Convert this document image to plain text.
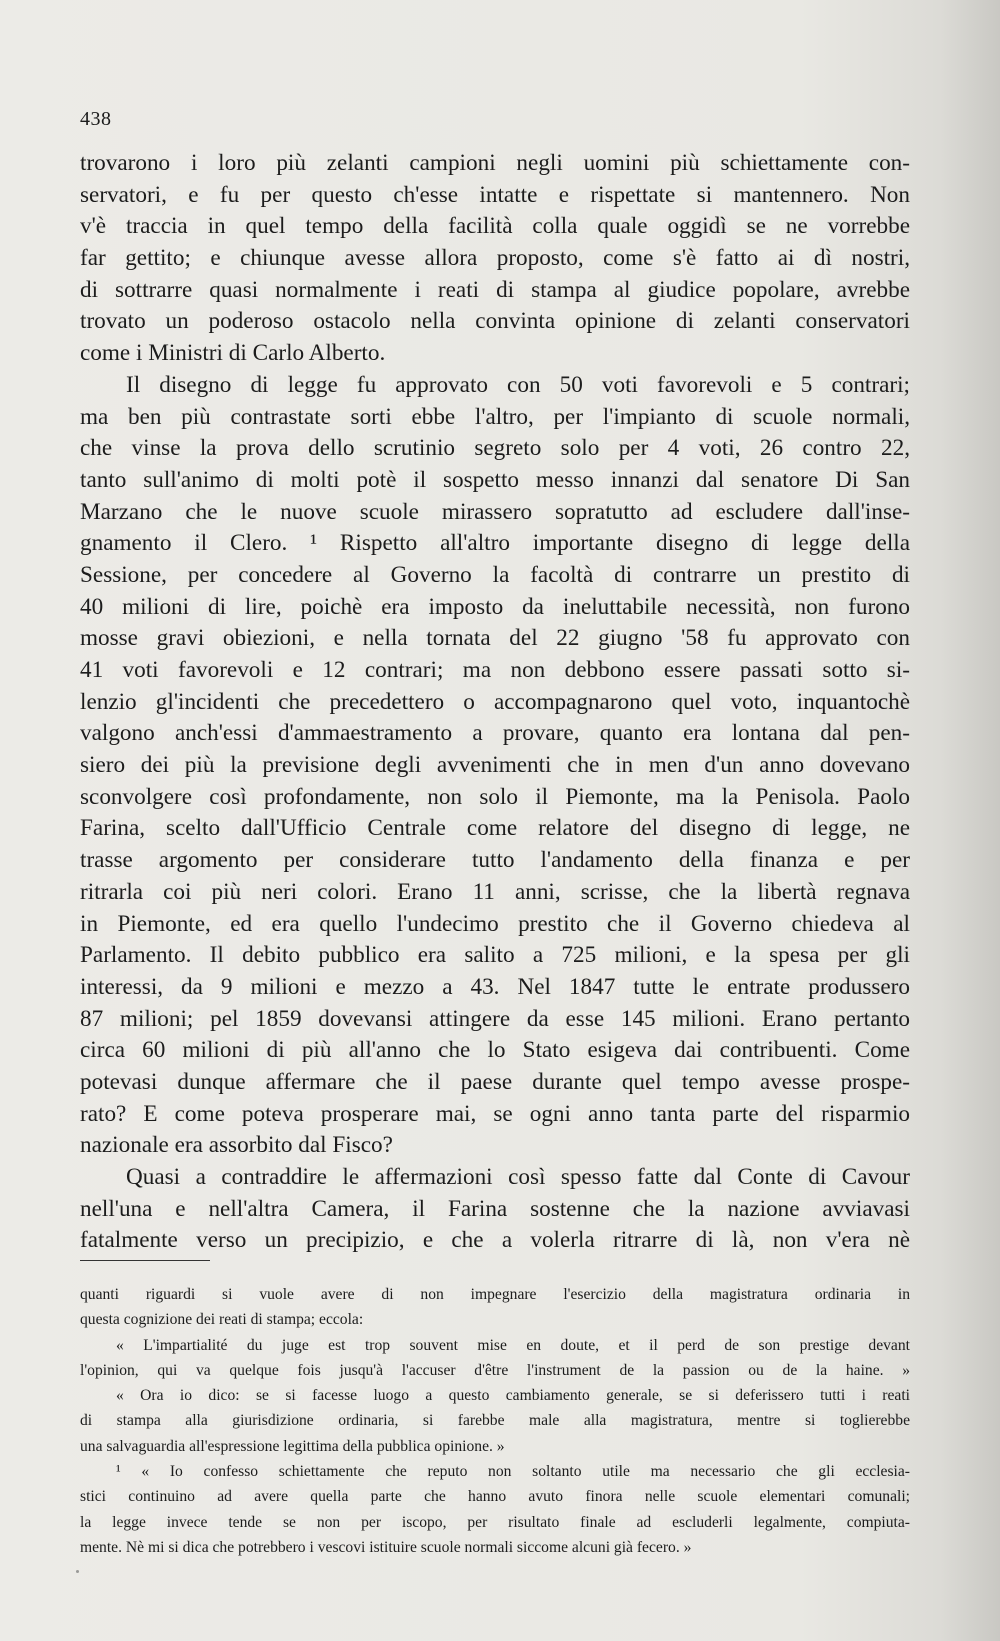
438
trovarono i loro più zelanti campioni negli uomini più schiettamente con-
servatori, e fu per questo ch'esse intatte e rispettate si mantennero. Non
v'è traccia in quel tempo della facilità colla quale oggidì se ne vorrebbe
far gettito; e chiunque avesse allora proposto, come s'è fatto ai dì nostri,
di sottrarre quasi normalmente i reati di stampa al giudice popolare, avrebbe
trovato un poderoso ostacolo nella convinta opinione di zelanti conservatori
come i Ministri di Carlo Alberto.
Il disegno di legge fu approvato con 50 voti favorevoli e 5 contrari;
ma ben più contrastate sorti ebbe l'altro, per l'impianto di scuole normali,
che vinse la prova dello scrutinio segreto solo per 4 voti, 26 contro 22,
tanto sull'animo di molti potè il sospetto messo innanzi dal senatore Di San
Marzano che le nuove scuole mirassero sopratutto ad escludere dall'inse-
gnamento il Clero. ¹ Rispetto all'altro importante disegno di legge della
Sessione, per concedere al Governo la facoltà di contrarre un prestito di
40 milioni di lire, poichè era imposto da ineluttabile necessità, non furono
mosse gravi obiezioni, e nella tornata del 22 giugno '58 fu approvato con
41 voti favorevoli e 12 contrari; ma non debbono essere passati sotto si-
lenzio gl'incidenti che precedettero o accompagnarono quel voto, inquantochè
valgono anch'essi d'ammaestramento a provare, quanto era lontana dal pen-
siero dei più la previsione degli avvenimenti che in men d'un anno dovevano
sconvolgere così profondamente, non solo il Piemonte, ma la Penisola. Paolo
Farina, scelto dall'Ufficio Centrale come relatore del disegno di legge, ne
trasse argomento per considerare tutto l'andamento della finanza e per
ritrarla coi più neri colori. Erano 11 anni, scrisse, che la libertà regnava
in Piemonte, ed era quello l'undecimo prestito che il Governo chiedeva al
Parlamento. Il debito pubblico era salito a 725 milioni, e la spesa per gli
interessi, da 9 milioni e mezzo a 43. Nel 1847 tutte le entrate produssero
87 milioni; pel 1859 dovevansi attingere da esse 145 milioni. Erano pertanto
circa 60 milioni di più all'anno che lo Stato esigeva dai contribuenti. Come
potevasi dunque affermare che il paese durante quel tempo avesse prospe-
rato? E come poteva prosperare mai, se ogni anno tanta parte del risparmio
nazionale era assorbito dal Fisco?
Quasi a contraddire le affermazioni così spesso fatte dal Conte di Cavour
nell'una e nell'altra Camera, il Farina sostenne che la nazione avviavasi
fatalmente verso un precipizio, e che a volerla ritrarre di là, non v'era nè
quanti riguardi si vuole avere di non impegnare l'esercizio della magistratura ordinaria in
questa cognizione dei reati di stampa; eccola:
« L'impartialité du juge est trop souvent mise en doute, et il perd de son prestige devant
l'opinion, qui va quelque fois jusqu'à l'accuser d'être l'instrument de la passion ou de la haine. »
« Ora io dico: se si facesse luogo a questo cambiamento generale, se si deferissero tutti i reati
di stampa alla giurisdizione ordinaria, si farebbe male alla magistratura, mentre si toglierebbe
una salvaguardia all'espressione legittima della pubblica opinione. »
¹ « Io confesso schiettamente che reputo non soltanto utile ma necessario che gli ecclesia-
stici continuino ad avere quella parte che hanno avuto finora nelle scuole elementari comunali;
la legge invece tende se non per iscopo, per risultato finale ad escluderli legalmente, compiuta-
mente. Nè mi si dica che potrebbero i vescovi istituire scuole normali siccome alcuni già fecero. »
